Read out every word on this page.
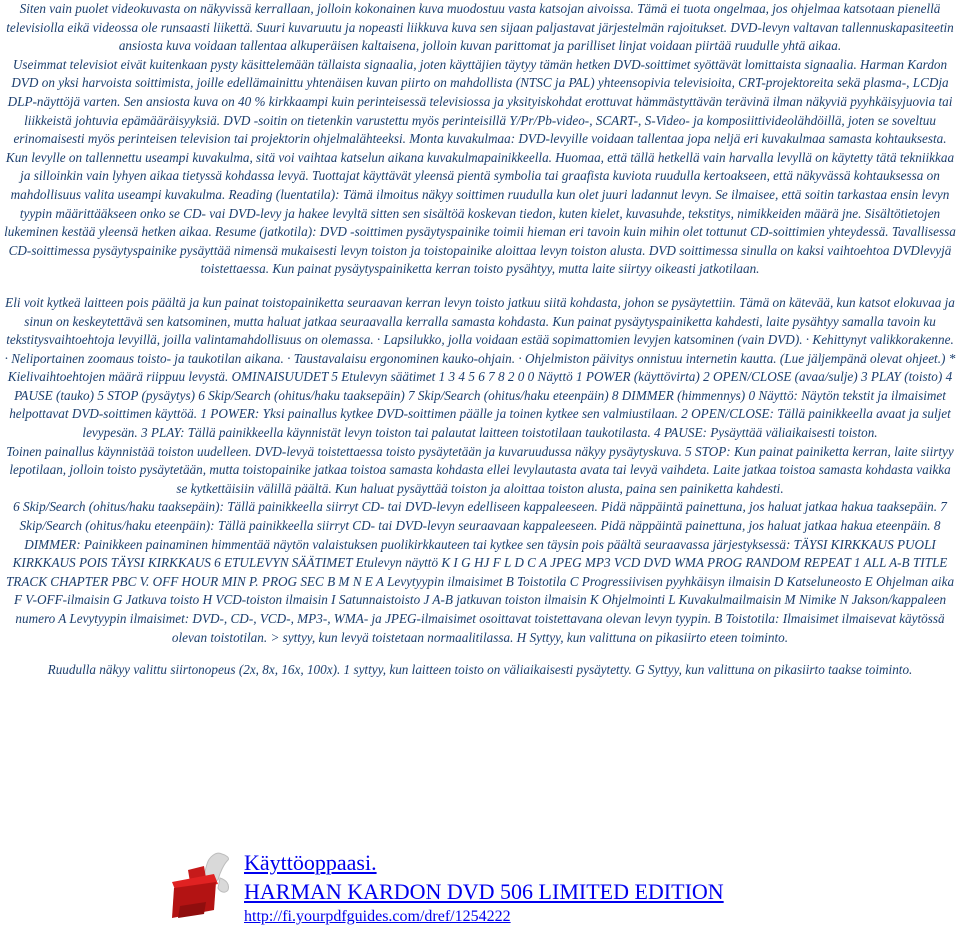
Siten vain puolet videokuvasta on näkyvissä kerrallaan, jolloin kokonainen kuva muodostuu vasta katsojan aivoissa. Tämä ei tuota ongelmaa, jos ohjelmaa katsotaan pienellä televisiolla eikä videossa ole runsaasti liikettä. Suuri kuvaruutu ja nopeasti liikkuva kuva sen sijaan paljastavat järjestelmän rajoitukset. DVD-levyn valtavan tallennuskapasiteetin ansiosta kuva voidaan tallentaa alkuperäisen kaltaisena, jolloin kuvan parittomat ja parilliset linjat voidaan piirtää ruudulle yhtä aikaa.

Useimmat televisiot eivät kuitenkaan pysty käsittelemään tällaista signaalia, joten käyttäjien täytyy tämän hetken DVD-soittimet syöttävät lomittaista signaalia. Harman Kardon DVD on yksi harvoista soittimista, joille edellämainittu yhtenäisen kuvan piirto on mahdollista (NTSC ja PAL) yhteensopivia televisioita, CRT-projektoreita sekä plasma-, LCDja DLP-näyttöjä varten. Sen ansiosta kuva on 40 % kirkkaampi kuin perinteisessä televisiossa ja yksityiskohdat erottuvat hämmästyttävän terävinä ilman näkyviä pyyhkäisyjuovia tai liikkeistä johtuvia epämääräisyyksiä. DVD -soitin on tietenkin varustettu myös perinteisillä Y/Pr/Pb-video-, SCART-, S-Video- ja komposiittivideolähdöillä, joten se soveltuu erinomaisesti myös perinteisen television tai projektorin ohjelmalähteeksi. Monta kuvakulmaa: DVD-levyille voidaan tallentaa jopa neljä eri kuvakulmaa samasta kohtauksesta.

Kun levylle on tallennettu useampi kuvakulma, sitä voi vaihtaa katselun aikana kuvakulmapainikkeella. Huomaa, että tällä hetkellä vain harvalla levyllä on käytetty tätä tekniikkaa ja silloinkin vain lyhyen aikaa tietyssä kohdassa levyä. Tuottajat käyttävät yleensä pientä symbolia tai graafista kuviota ruudulla kertoakseen, että näkyvässä kohtauksessa on mahdollisuus valita useampi kuvakulma. Reading (luentatila): Tämä ilmoitus näkyy soittimen ruudulla kun olet juuri ladannut levyn. Se ilmaisee, että soitin tarkastaa ensin levyn tyypin määrittääkseen onko se CD- vai DVD-levy ja hakee levyltä sitten sen sisältöä koskevan tiedon, kuten kielet, kuvasuhde, tekstitys, nimikkeiden määrä jne. Sisältötietojen lukeminen kestää yleensä hetken aikaa. Resume (jatkotila): DVD -soittimen pysäytyspainike toimii hieman eri tavoin kuin mihin olet tottunut CD-soittimien yhteydessä. Tavallisessa CD-soittimessa pysäytyspainike pysäyttää nimensä mukaisesti levyn toiston ja toistopainike aloittaa levyn toiston alusta. DVD soittimessa sinulla on kaksi vaihtoehtoa DVDlevyjä toistettaessa. Kun painat pysäytyspainiketta kerran toisto pysähtyy, mutta laite siirtyy oikeasti jatkotilaan.

Eli voit kytkeä laitteen pois päältä ja kun painat toistopainiketta seuraavan kerran levyn toisto jatkuu siitä kohdasta, johon se pysäytettiin. Tämä on kätevää, kun katsot elokuvaa ja sinun on keskeytettävä sen katsominen, mutta haluat jatkaa seuraavalla kerralla samasta kohdasta. Kun painat pysäytyspainiketta kahdesti, laite pysähtyy samalla tavoin ku tekstitysvaihtoehtoja levyillä, joilla valintamahdollisuus on olemassa. · Lapsilukko, jolla voidaan estää sopimattomien levyjen katsominen (vain DVD). · Kehittynyt valikkorakenne. · Neliportainen zoomaus toisto- ja taukotilan aikana. · Taustavalaisu ergonominen kauko-ohjain. · Ohjelmiston päivitys onnistuu internetin kautta. (Lue jäljempänä olevat ohjeet.) * Kielivaihtoehtojen määrä riippuu levystä. OMINAISUUDET 5 Etulevyn säätimet 1 3 4 5 6 7 8 2 0 0 Näyttö 1 POWER (käyttövirta) 2 OPEN/CLOSE (avaa/sulje) 3 PLAY (toisto) 4 PAUSE (tauko) 5 STOP (pysäytys) 6 Skip/Search (ohitus/haku taaksepäin) 7 Skip/Search (ohitus/haku eteenpäin) 8 DIMMER (himmennys) 0 Näyttö: Näytön tekstit ja ilmaisimet helpottavat DVD-soittimen käyttöä. 1 POWER: Yksi painallus kytkee DVD-soittimen päälle ja toinen kytkee sen valmiustilaan. 2 OPEN/CLOSE: Tällä painikkeella avaat ja suljet levypesän. 3 PLAY: Tällä painikkeella käynnistät levyn toiston tai palautat laitteen toistotilaan taukotilasta. 4 PAUSE: Pysäyttää väliaikaisesti toiston.

Toinen painallus käynnistää toiston uudelleen. DVD-levyä toistettaessa toisto pysäytetään ja kuvaruudussa näkyy pysäytyskuva. 5 STOP: Kun painat painiketta kerran, laite siirtyy lepotilaan, jolloin toisto pysäytetään, mutta toistopainike jatkaa toistoa samasta kohdasta ellei levylautasta avata tai levyä vaihdeta. Laite jatkaa toistoa samasta kohdasta vaikka se kytkettäisiin välillä päältä. Kun haluat pysäyttää toiston ja aloittaa toiston alusta, paina sen painiketta kahdesti.

6 Skip/Search (ohitus/haku taaksepäin): Tällä painikkeella siirryt CD- tai DVD-levyn edelliseen kappaleeseen. Pidä näppäintä painettuna, jos haluat jatkaa hakua taaksepäin. 7 Skip/Search (ohitus/haku eteenpäin): Tällä painikkeella siirryt CD- tai DVD-levyn seuraavaan kappaleeseen. Pidä näppäintä painettuna, jos haluat jatkaa hakua eteenpäin. 8 DIMMER: Painikkeen painaminen himmentää näytön valaistuksen puolikirkkauteen tai kytkee sen täysin pois päältä seuraavassa järjestyksessä: TÄYSI KIRKKAUS PUOLI KIRKKAUS POIS TÄYSI KIRKKAUS 6 ETULEVYN SÄÄTIMET Etulevyn näyttö K I G HJ F L D C A JPEG MP3 VCD DVD WMA PROG RANDOM REPEAT 1 ALL A-B TITLE TRACK CHAPTER PBC V. OFF HOUR MIN P. PROG SEC B M N E A Levytyypin ilmaisimet B Toistotila C Progressiivisen pyyhkäisyn ilmaisin D Katseluneosto E Ohjelman aika F V-OFF-ilmaisin G Jatkuva toisto H VCD-toiston ilmaisin I Satunnaistoisto J A-B jatkuvan toiston ilmaisin K Ohjelmointi L Kuvakulmailmaisin M Nimike N Jakson/kappaleen numero A Levytyypin ilmaisimet: DVD-, CD-, VCD-, MP3-, WMA- ja JPEG-ilmaisimet osoittavat toistettavana olevan levyn tyypin. B Toistotila: Ilmaisimet ilmaisevat käytössä olevan toistotilan. > syttyy, kun levyä toistetaan normaalitilassa. H Syttyy, kun valittuna on pikasiirto eteen toiminto.

Ruudulla näkyy valittu siirtonopeus (2x, 8x, 16x, 100x). 1 syttyy, kun laitteen toisto on väliaikaisesti pysäytetty. G Syttyy, kun valittuna on pikasiirto taakse toiminto.

Käyttöoppaasi.
HARMAN KARDON DVD 506 LIMITED EDITION
http://fi.yourpdfguides.com/dref/1254222
